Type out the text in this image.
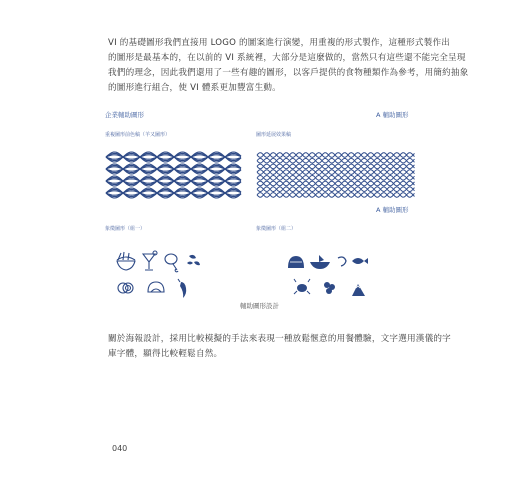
VI 的基礎圖形我們直接用 LOGO 的圖案進行演變，用重複的形式製作，這種形式製作出
的圖形是最基本的，在以前的 VI 系統裡，大部分是這麼做的，當然只有這些還不能完全呈現
我們的理念，因此我們還用了一些有趣的圖形，以客戶提供的食物種類作為參考，用簡約抽象
的圖形進行組合，使 VI 體系更加豐富生動。
企業輔助圖形	A 輔助圖形
重複圖形前色稿（羊又圖形）	圖形延展效果稿
A 輔助圖形
象徵圖形（組一）	象徵圖形（組二）
輔助圖形設計
關於海報設計，採用比較模擬的手法來表現一種放鬆愜意的用餐體驗，文字選用漢儀的字
庫字體，顯得比較輕鬆自然。
040
